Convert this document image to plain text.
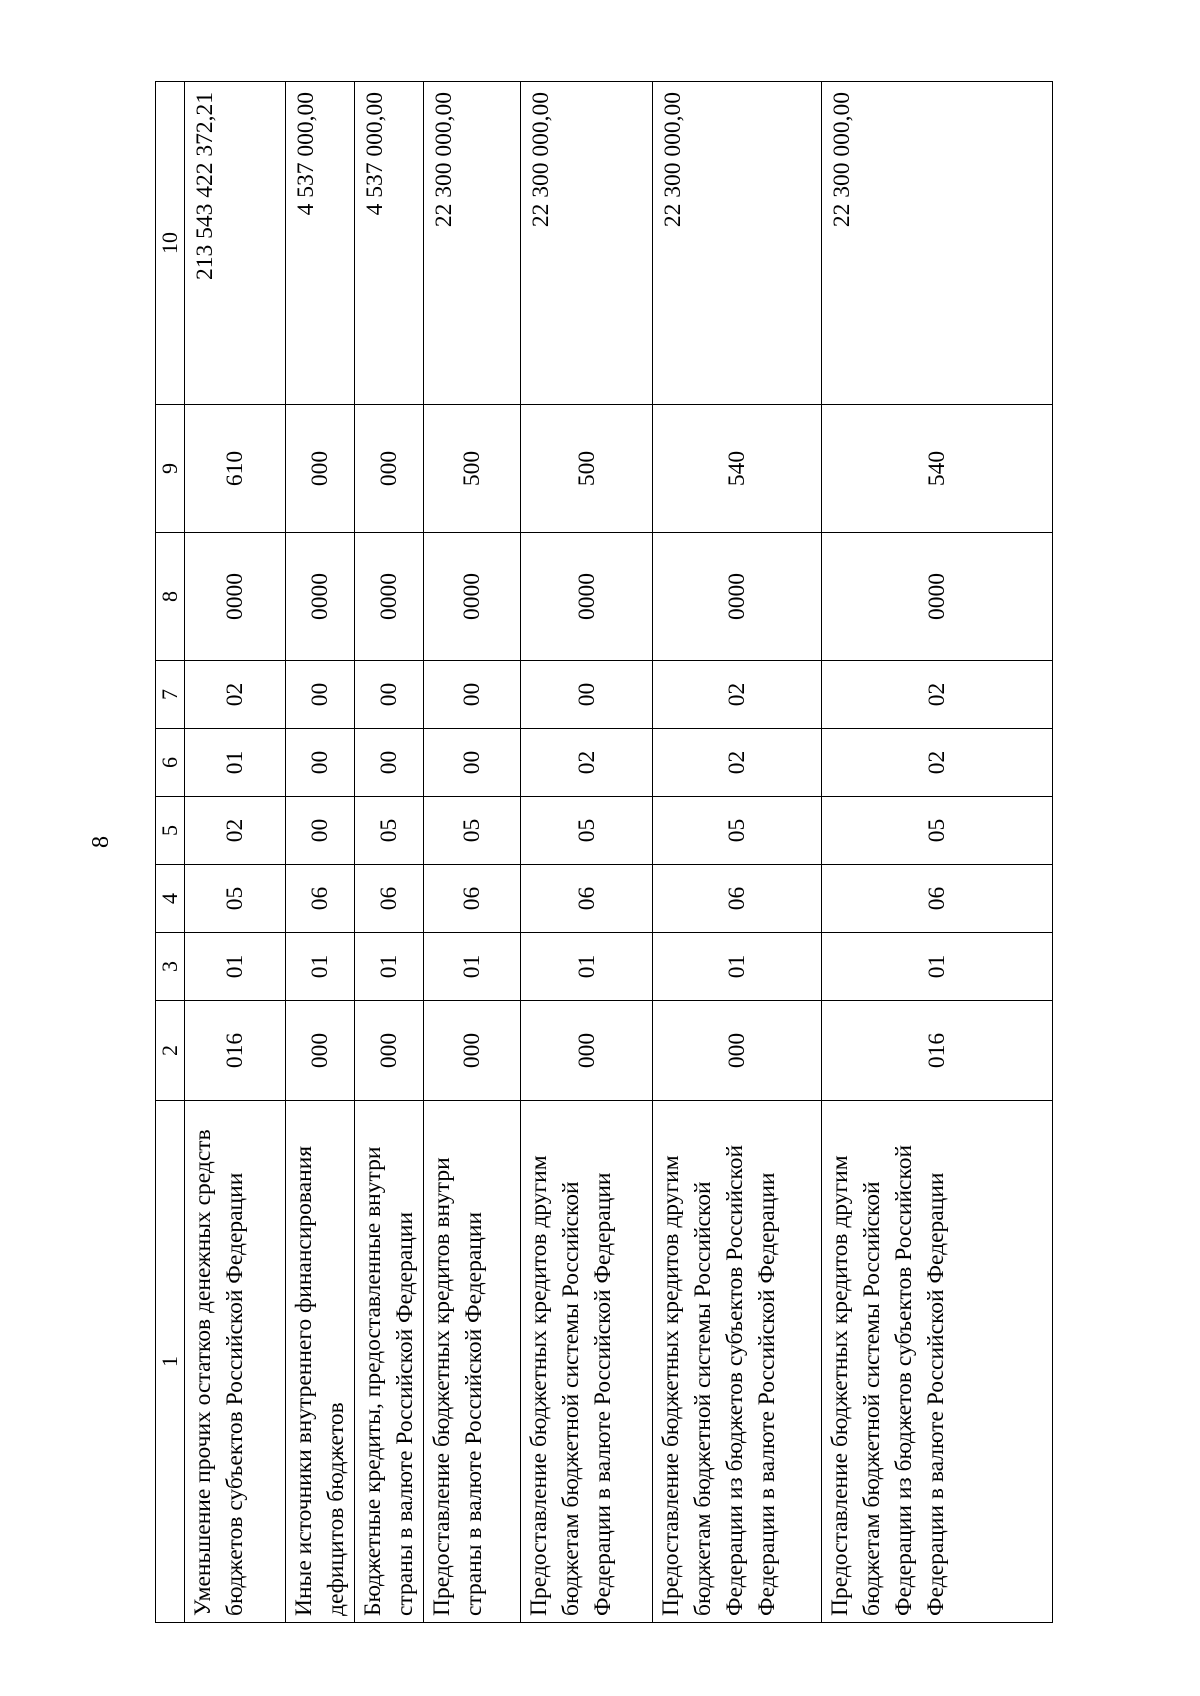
8
1	2	3	4	5	6	7	8	9	10
Уменьшение прочих остатков денежных средств бюджетов субъектов Российской Федерации	016	01	05	02	01	02	0000	610	213 543 422 372,21
Иные источники внутреннего финансирования дефицитов бюджетов	000	01	06	00	00	00	0000	000	4 537 000,00
Бюджетные кредиты, предоставленные внутри страны в валюте Российской Федерации	000	01	06	05	00	00	0000	000	4 537 000,00
Предоставление бюджетных кредитов внутри страны в валюте Российской Федерации	000	01	06	05	00	00	0000	500	22 300 000,00
Предоставление бюджетных кредитов другим бюджетам бюджетной системы Российской Федерации в валюте Российской Федерации	000	01	06	05	02	00	0000	500	22 300 000,00
Предоставление бюджетных кредитов другим бюджетам бюджетной системы Российской Федерации из бюджетов субъектов Российской Федерации в валюте Российской Федерации	000	01	06	05	02	02	0000	540	22 300 000,00
Предоставление бюджетных кредитов другим бюджетам бюджетной системы Российской Федерации из бюджетов субъектов Российской Федерации в валюте Российской Федерации	016	01	06	05	02	02	0000	540	22 300 000,00
